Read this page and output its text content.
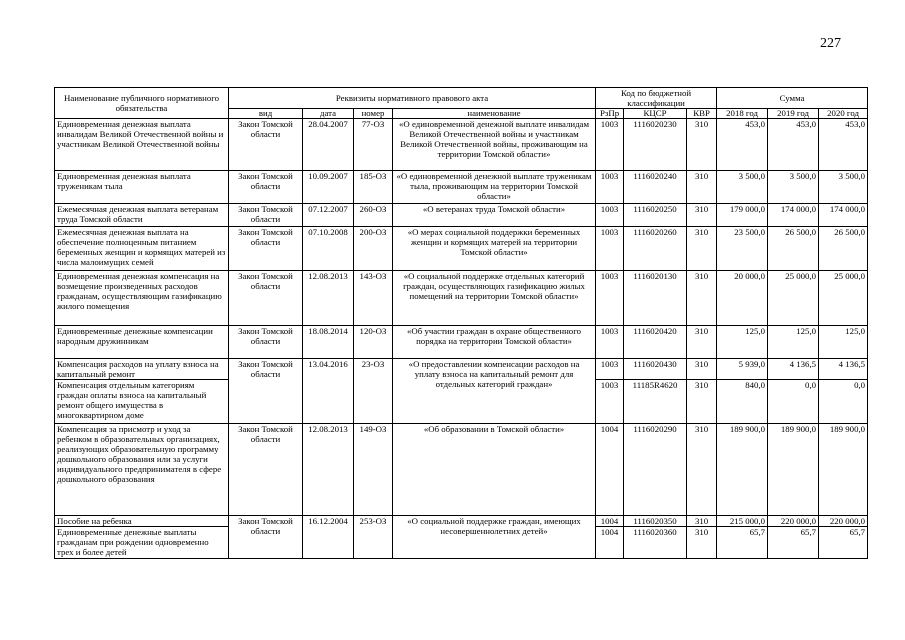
227
Наименование публичного нормативного обязательства	Реквизиты нормативного правового акта				Код по бюджетной классификации			Сумма		
	вид	дата	номер	наименование	РзПр	КЦСР	КВР	2018 год	2019 год	2020 год
Единовременная денежная выплата инвалидам Великой Отечественной войны и участникам Великой Отечественной войны	Закон Томской области	28.04.2007	77-ОЗ	«О единовременной денежной выплате инвалидам Великой Отечественной войны и участникам Великой Отечественной войны, проживающим на территории Томской области»	1003	1116020230	310	453,0	453,0	453,0
Единовременная денежная выплата труженикам тыла	Закон Томской области	10.09.2007	185-ОЗ	«О единовременной денежной выплате труженикам тыла, проживающим на территории Томской области»	1003	1116020240	310	3 500,0	3 500,0	3 500,0
Ежемесячная денежная выплата ветеранам труда Томской области	Закон Томской области	07.12.2007	260-ОЗ	«О ветеранах труда Томской области»	1003	1116020250	310	179 000,0	174 000,0	174 000,0
Ежемесячная денежная выплата на обеспечение полноценным питанием беременных женщин и кормящих матерей из числа малоимущих семей	Закон Томской области	07.10.2008	200-ОЗ	«О мерах социальной поддержки беременных женщин и кормящих матерей на территории Томской области»	1003	1116020260	310	23 500,0	26 500,0	26 500,0
Единовременная денежная компенсация на возмещение произведенных расходов гражданам, осуществляющим газификацию жилого помещения	Закон Томской области	12.08.2013	143-ОЗ	«О социальной поддержке отдельных категорий граждан, осуществляющих газификацию жилых помещений на территории Томской области»	1003	1116020130	310	20 000,0	25 000,0	25 000,0
Единовременные денежные компенсации народным дружинникам	Закон Томской области	18.08.2014	120-ОЗ	«Об участии граждан в охране общественного порядка на территории Томской области»	1003	1116020420	310	125,0	125,0	125,0
Компенсация расходов на уплату взноса на капитальный ремонт	Закон Томской области	13.04.2016	23-ОЗ	«О предоставлении компенсации расходов на уплату взноса на капитальный ремонт для отдельных категорий граждан»	1003	1116020430	310	5 939,0	4 136,5	4 136,5
Компенсация отдельным категориям граждан оплаты взноса на капитальный ремонт общего имущества в многоквартирном доме					1003	11185R4620	310	840,0	0,0	0,0
Компенсация за присмотр и уход за ребенком в образовательных организациях, реализующих образовательную программу дошкольного образования или за услуги индивидуального предпринимателя в сфере дошкольного образования	Закон Томской области	12.08.2013	149-ОЗ	«Об образовании в Томской области»	1004	1116020290	310	189 900,0	189 900,0	189 900,0
Пособие на ребенка	Закон Томской области	16.12.2004	253-ОЗ	«О социальной поддержке граждан, имеющих несовершеннолетних детей»	1004	1116020350	310	215 000,0	220 000,0	220 000,0
Единовременные денежные выплаты гражданам при рождении одновременно трех и более детей					1004	1116020360	310	65,7	65,7	65,7
